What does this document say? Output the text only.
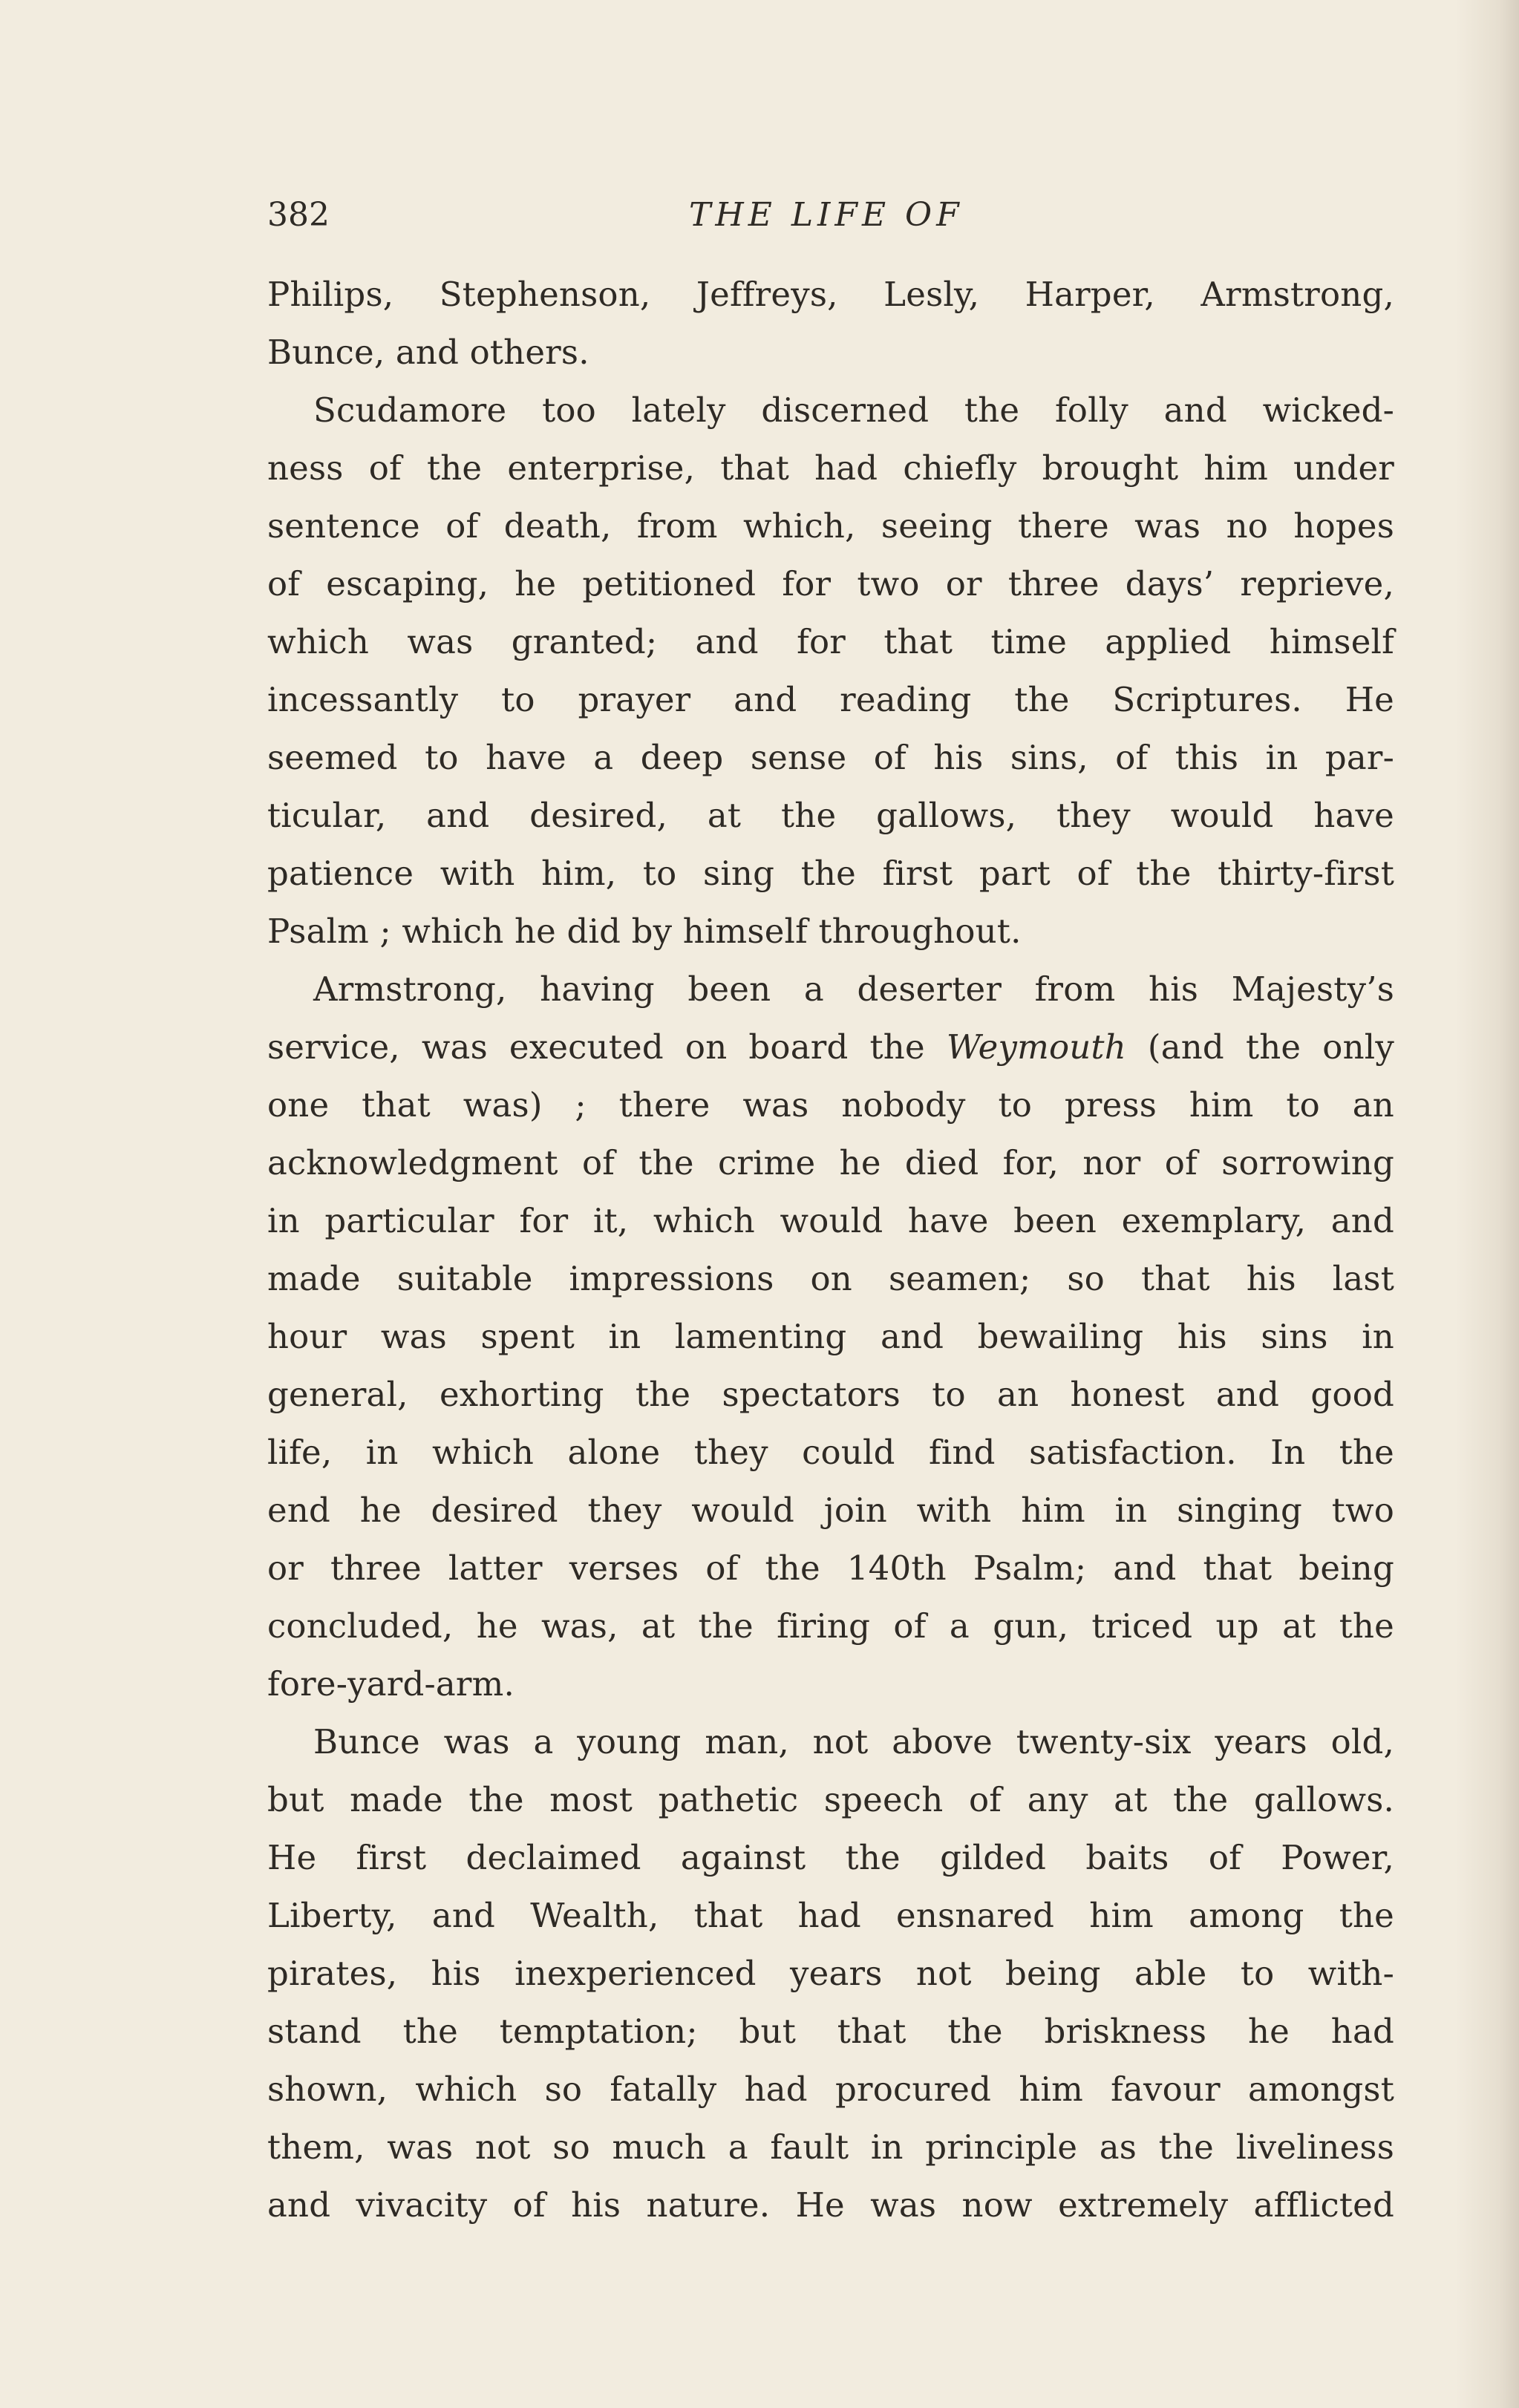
382	THE LIFE OF
Philips, Stephenson, Jeffreys, Lesly, Harper, Armstrong,
Bunce, and others.
Scudamore too lately discerned the folly and wicked-
ness of the enterprise, that had chiefly brought him under
sentence of death, from which, seeing there was no hopes
of escaping, he petitioned for two or three days’ reprieve,
which was granted; and for that time applied himself
incessantly to prayer and reading the Scriptures. He
seemed to have a deep sense of his sins, of this in par-
ticular, and desired, at the gallows, they would have
patience with him, to sing the first part of the thirty-first
Psalm ; which he did by himself throughout.
Armstrong, having been a deserter from his Majesty’s
service, was executed on board the Weymouth (and the only
one that was) ; there was nobody to press him to an
acknowledgment of the crime he died for, nor of sorrowing
in particular for it, which would have been exemplary, and
made suitable impressions on seamen; so that his last
hour was spent in lamenting and bewailing his sins in
general, exhorting the spectators to an honest and good
life, in which alone they could find satisfaction. In the
end he desired they would join with him in singing two
or three latter verses of the 140th Psalm; and that being
concluded, he was, at the firing of a gun, triced up at the
fore-yard-arm.
Bunce was a young man, not above twenty-six years old,
but made the most pathetic speech of any at the gallows.
He first declaimed against the gilded baits of Power,
Liberty, and Wealth, that had ensnared him among the
pirates, his inexperienced years not being able to with-
stand the temptation; but that the briskness he had
shown, which so fatally had procured him favour amongst
them, was not so much a fault in principle as the liveliness
and vivacity of his nature. He was now extremely afflicted
